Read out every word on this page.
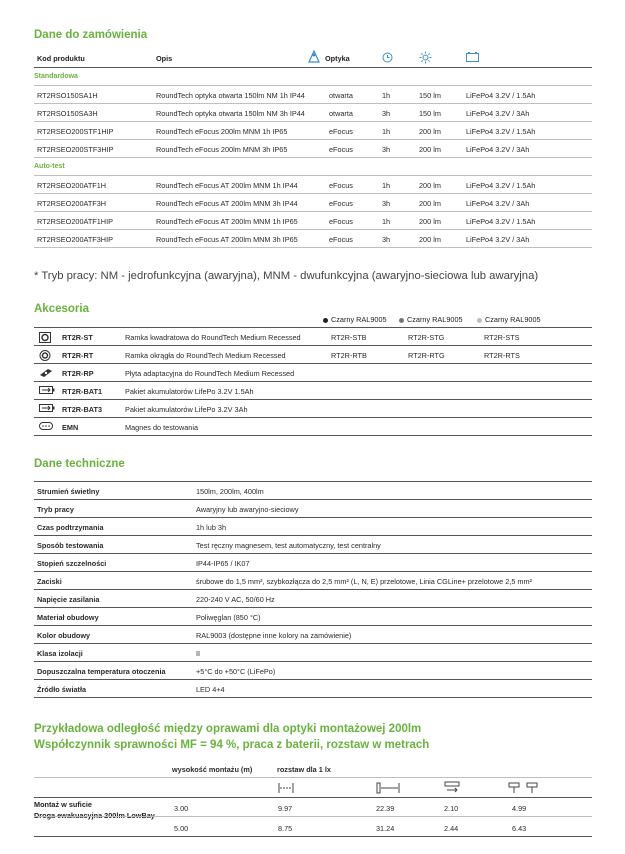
Dane do zamówienia
Kod produktu	Opis	Optyka
Standardowa
RT2RSO150SA1H	RoundTech optyka otwarta 150lm NM 1h IP44	otwarta	1h	150 lm	LiFePo4 3.2V / 1.5Ah
RT2RSO150SA3H	RoundTech optyka otwarta 150lm NM 3h IP44	otwarta	3h	150 lm	LiFePo4 3.2V / 3Ah
RT2RSEO200STF1HIP	RoundTech eFocus 200lm MNM 1h IP65	eFocus	1h	200 lm	LiFePo4 3.2V / 1.5Ah
RT2RSEO200STF3HIP	RoundTech eFocus 200lm MNM 3h IP65	eFocus	3h	200 lm	LiFePo4 3.2V / 3Ah
Auto-test
RT2RSEO200ATF1H	RoundTech eFocus AT 200lm MNM 1h IP44	eFocus	1h	200 lm	LiFePo4 3.2V / 1.5Ah
RT2RSEO200ATF3H	RoundTech eFocus AT 200lm MNM 3h IP44	eFocus	3h	200 lm	LiFePo4 3.2V / 3Ah
RT2RSEO200ATF1HIP	RoundTech eFocus AT 200lm MNM 1h IP65	eFocus	1h	200 lm	LiFePo4 3.2V / 1.5Ah
RT2RSEO200ATF3HIP	RoundTech eFocus AT 200lm MNM 3h IP65	eFocus	3h	200 lm	LiFePo4 3.2V / 3Ah
* Tryb pracy: NM - jedrofunkcyjna (awaryjna), MNM - dwufunkcyjna (awaryjno-sieciowa lub awaryjna)
Akcesoria
Czarny RAL9005	Czarny RAL9005	Czarny RAL9005
RT2R-ST	Ramka kwadratowa do RoundTech Medium Recessed	RT2R-STB	RT2R-STG	RT2R-STS
RT2R-RT	Ramka okrągła do RoundTech Medium Recessed	RT2R-RTB	RT2R-RTG	RT2R-RTS
RT2R-RP	Płyta adaptacyjna do RoundTech Medium Recessed
RT2R-BAT1	Pakiet akumulatorów LifePo 3.2V 1.5Ah
RT2R-BAT3	Pakiet akumulatorów LifePo 3.2V 3Ah
EMN	Magnes do testowania
Dane techniczne
Strumień świetlny	150lm, 200lm, 400lm
Tryb pracy	Awaryjny lub awaryjno-sieciowy
Czas podtrzymania	1h lub 3h
Sposób testowania	Test ręczny magnesem, test automatyczny, test centralny
Stopień szczelności	IP44-IP65 / IK07
Zaciski	śrubowe do 1,5 mm², szybkozłącza do 2,5 mm² (L, N, E) przelotowe, Linia CGLine+ przelotowe 2,5 mm²
Napięcie zasilania	220-240 V AC, 50/60 Hz
Materiał obudowy	Poliwęglan (850 °C)
Kolor obudowy	RAL9003 (dostępne inne kolory na zamówienie)
Klasa izolacji	II
Dopuszczalna temperatura otoczenia	+5°C do +50°C (LiFePo)
Źródło światła	LED 4+4
Przykładowa odległość między oprawami dla optyki montażowej 200lm
Współczynnik sprawności MF = 94 %, praca z baterii, rozstaw w metrach
wysokość montażu (m)	rozstaw dla 1 lx
Montaż w suficie
Droga ewakuacyjna 200lm LowBay
3.00	9.97	22.39	2.10	4.99
5.00	8.75	31.24	2.44	6.43
